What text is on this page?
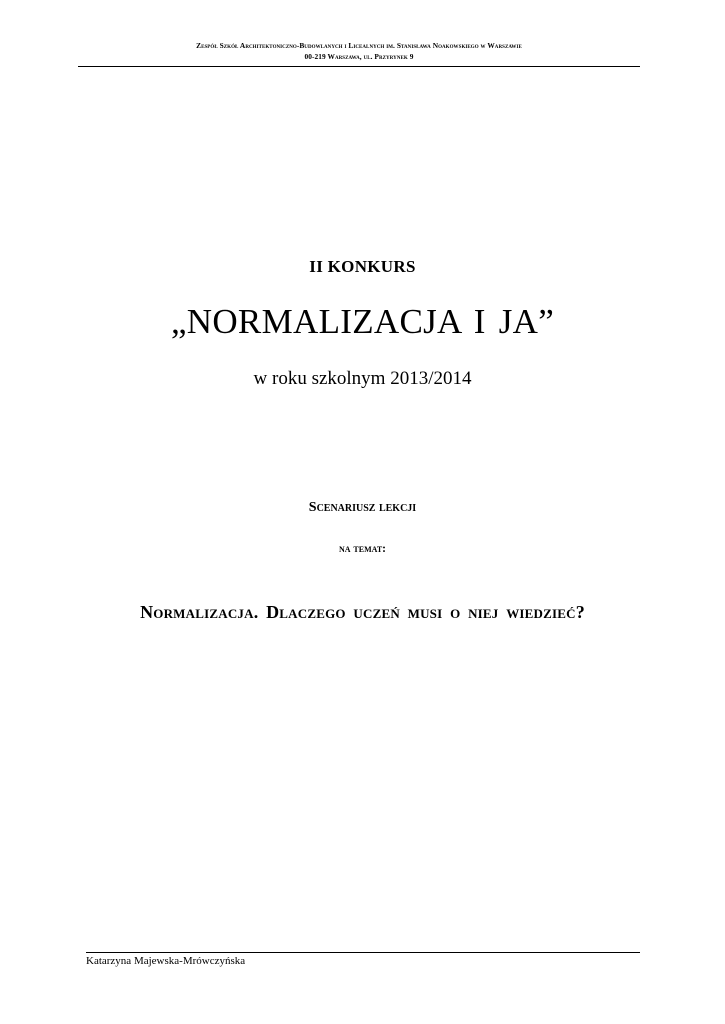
Zespół Szkół Architektoniczno-Budowlanych i Licealnych im. Stanisława Noakowskiego w Warszawie
00-219 Warszawa, ul. Przyrynek 9
II KONKURS
„NORMALIZACJA I JA”
w roku szkolnym 2013/2014
Scenariusz lekcji
na temat:
Normalizacja. Dlaczego uczeń musi o niej wiedzieć?
Katarzyna Majewska-Mrówczyńska
